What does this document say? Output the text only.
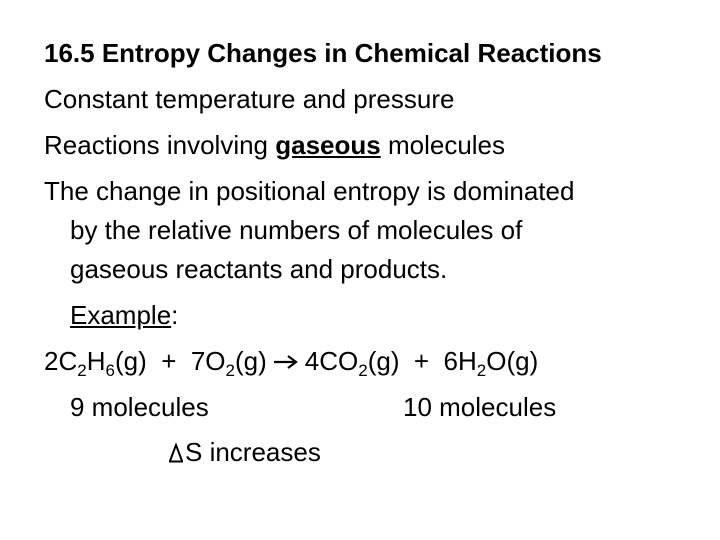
16.5 Entropy Changes in Chemical Reactions
Constant temperature and pressure
Reactions involving gaseous molecules
The change in positional entropy is dominated
by the relative numbers of molecules of
gaseous reactants and products.
Example:
$2C_2H_6(g) + 7O_2(g) 4CO_2(g) + 6H_2O(g)$
9 molecules	10 molecules
S increases
